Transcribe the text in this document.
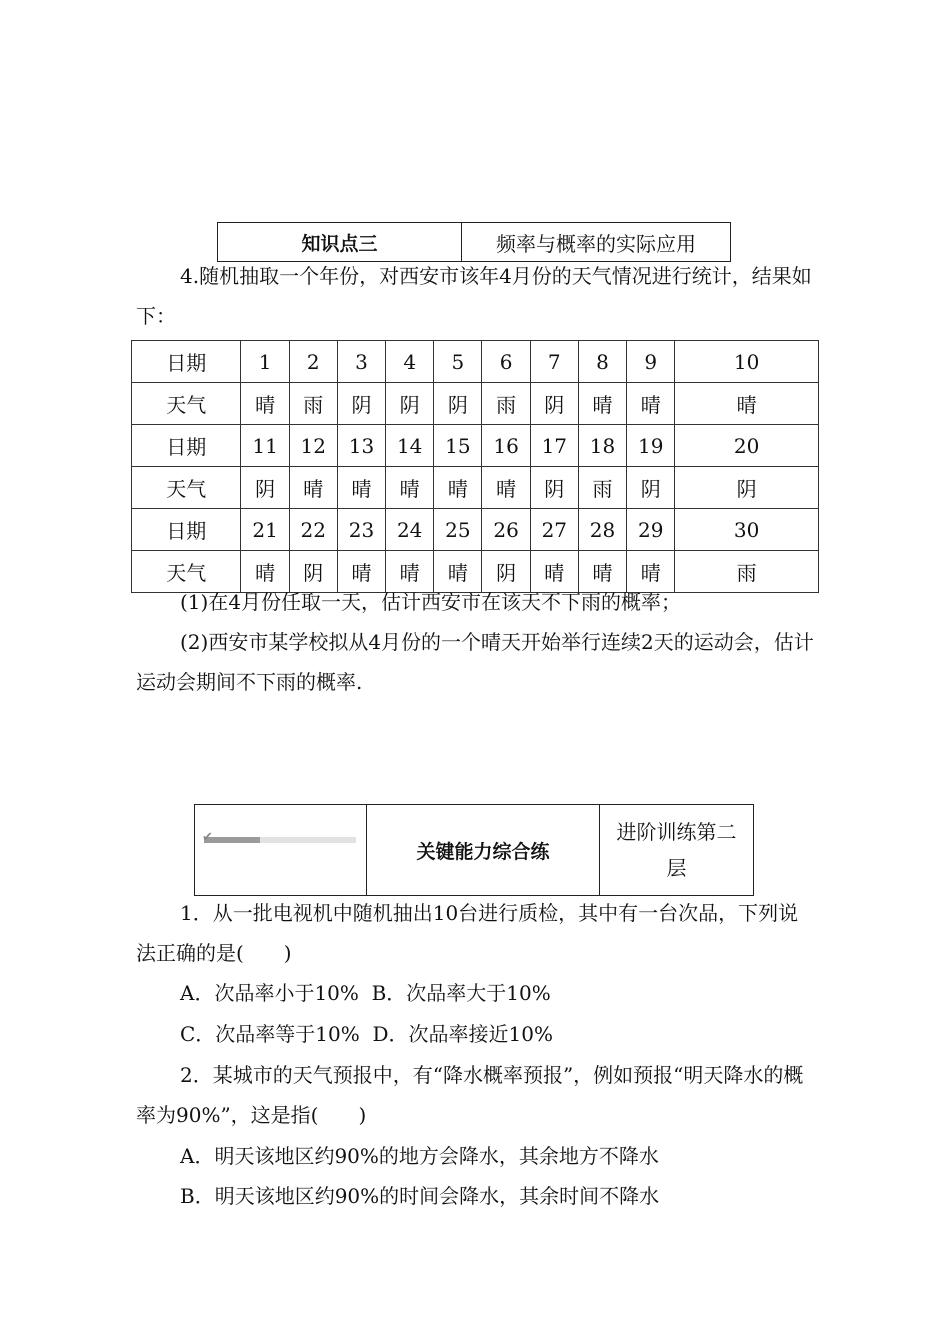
知识点三	频率与概率的实际应用
4.随机抽取一个年份，对西安市该年4月份的天气情况进行统计，结果如下：
日期	1	2	3	4	5	6	7	8	9	10
天气	晴	雨	阴	阴	阴	雨	阴	晴	晴	晴
日期	11	12	13	14	15	16	17	18	19	20
天气	阴	晴	晴	晴	晴	晴	阴	雨	阴	阴
日期	21	22	23	24	25	26	27	28	29	30
天气	晴	阴	晴	晴	晴	阴	晴	晴	晴	雨
(1)在4月份任取一天，估计西安市在该天不下雨的概率；
(2)西安市某学校拟从4月份的一个晴天开始举行连续2天的运动会，估计运动会期间不下雨的概率.
✔
关键能力综合练
进阶训练第二层
1．从一批电视机中随机抽出10台进行质检，其中有一台次品，下列说法正确的是(　　)
A．次品率小于10%  B．次品率大于10%
C．次品率等于10%  D．次品率接近10%
2．某城市的天气预报中，有“降水概率预报”，例如预报“明天降水的概率为90%”，这是指(　　)
A．明天该地区约90%的地方会降水，其余地方不降水
B．明天该地区约90%的时间会降水，其余时间不降水
